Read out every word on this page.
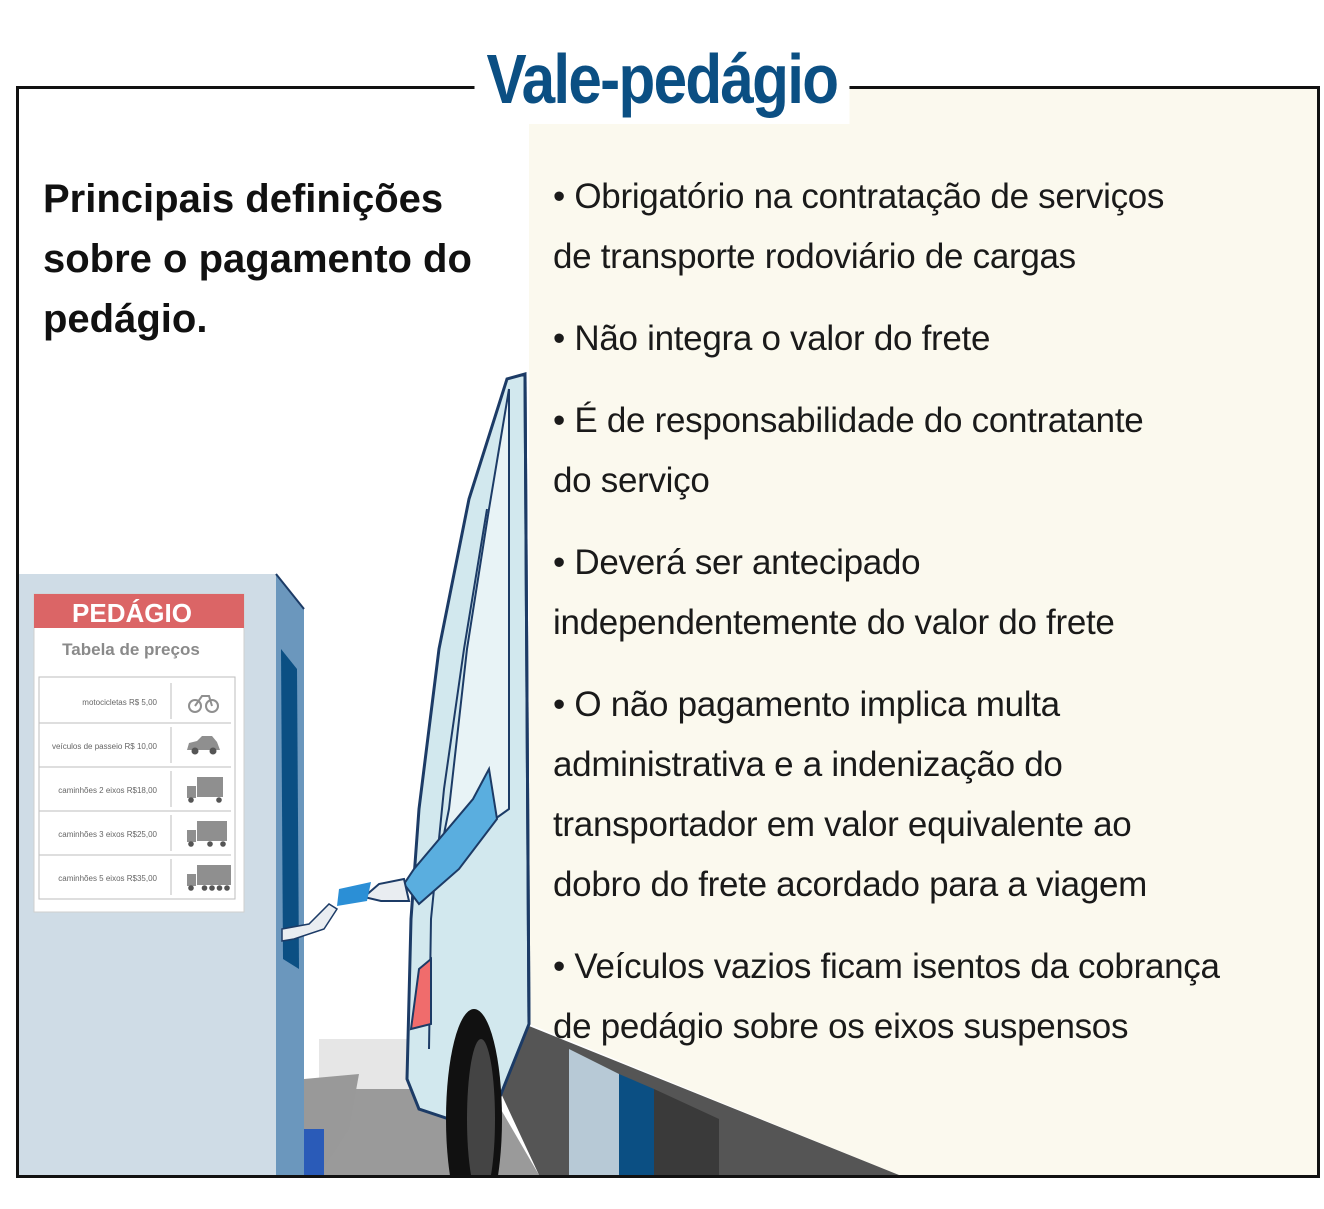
Vale-pedágio
PEDÁGIO
Tabela de preços
motocicletas R$ 5,00
veículos de passeio R$ 10,00
caminhões 2 eixos R$18,00
caminhões 3 eixos R$25,00
caminhões 5 eixos R$35,00
Principais definições sobre o pagamento do pedágio.
• Obrigatório na contratação de serviços
de transporte rodoviário de cargas
• Não integra o valor do frete
• É de responsabilidade do contratante
do serviço
• Deverá ser antecipado
independentemente do valor do frete
• O não pagamento implica multa
administrativa e a indenização do
transportador em valor equivalente ao
dobro do frete acordado para a viagem
• Veículos vazios ficam isentos da cobrança
de pedágio sobre os eixos suspensos
